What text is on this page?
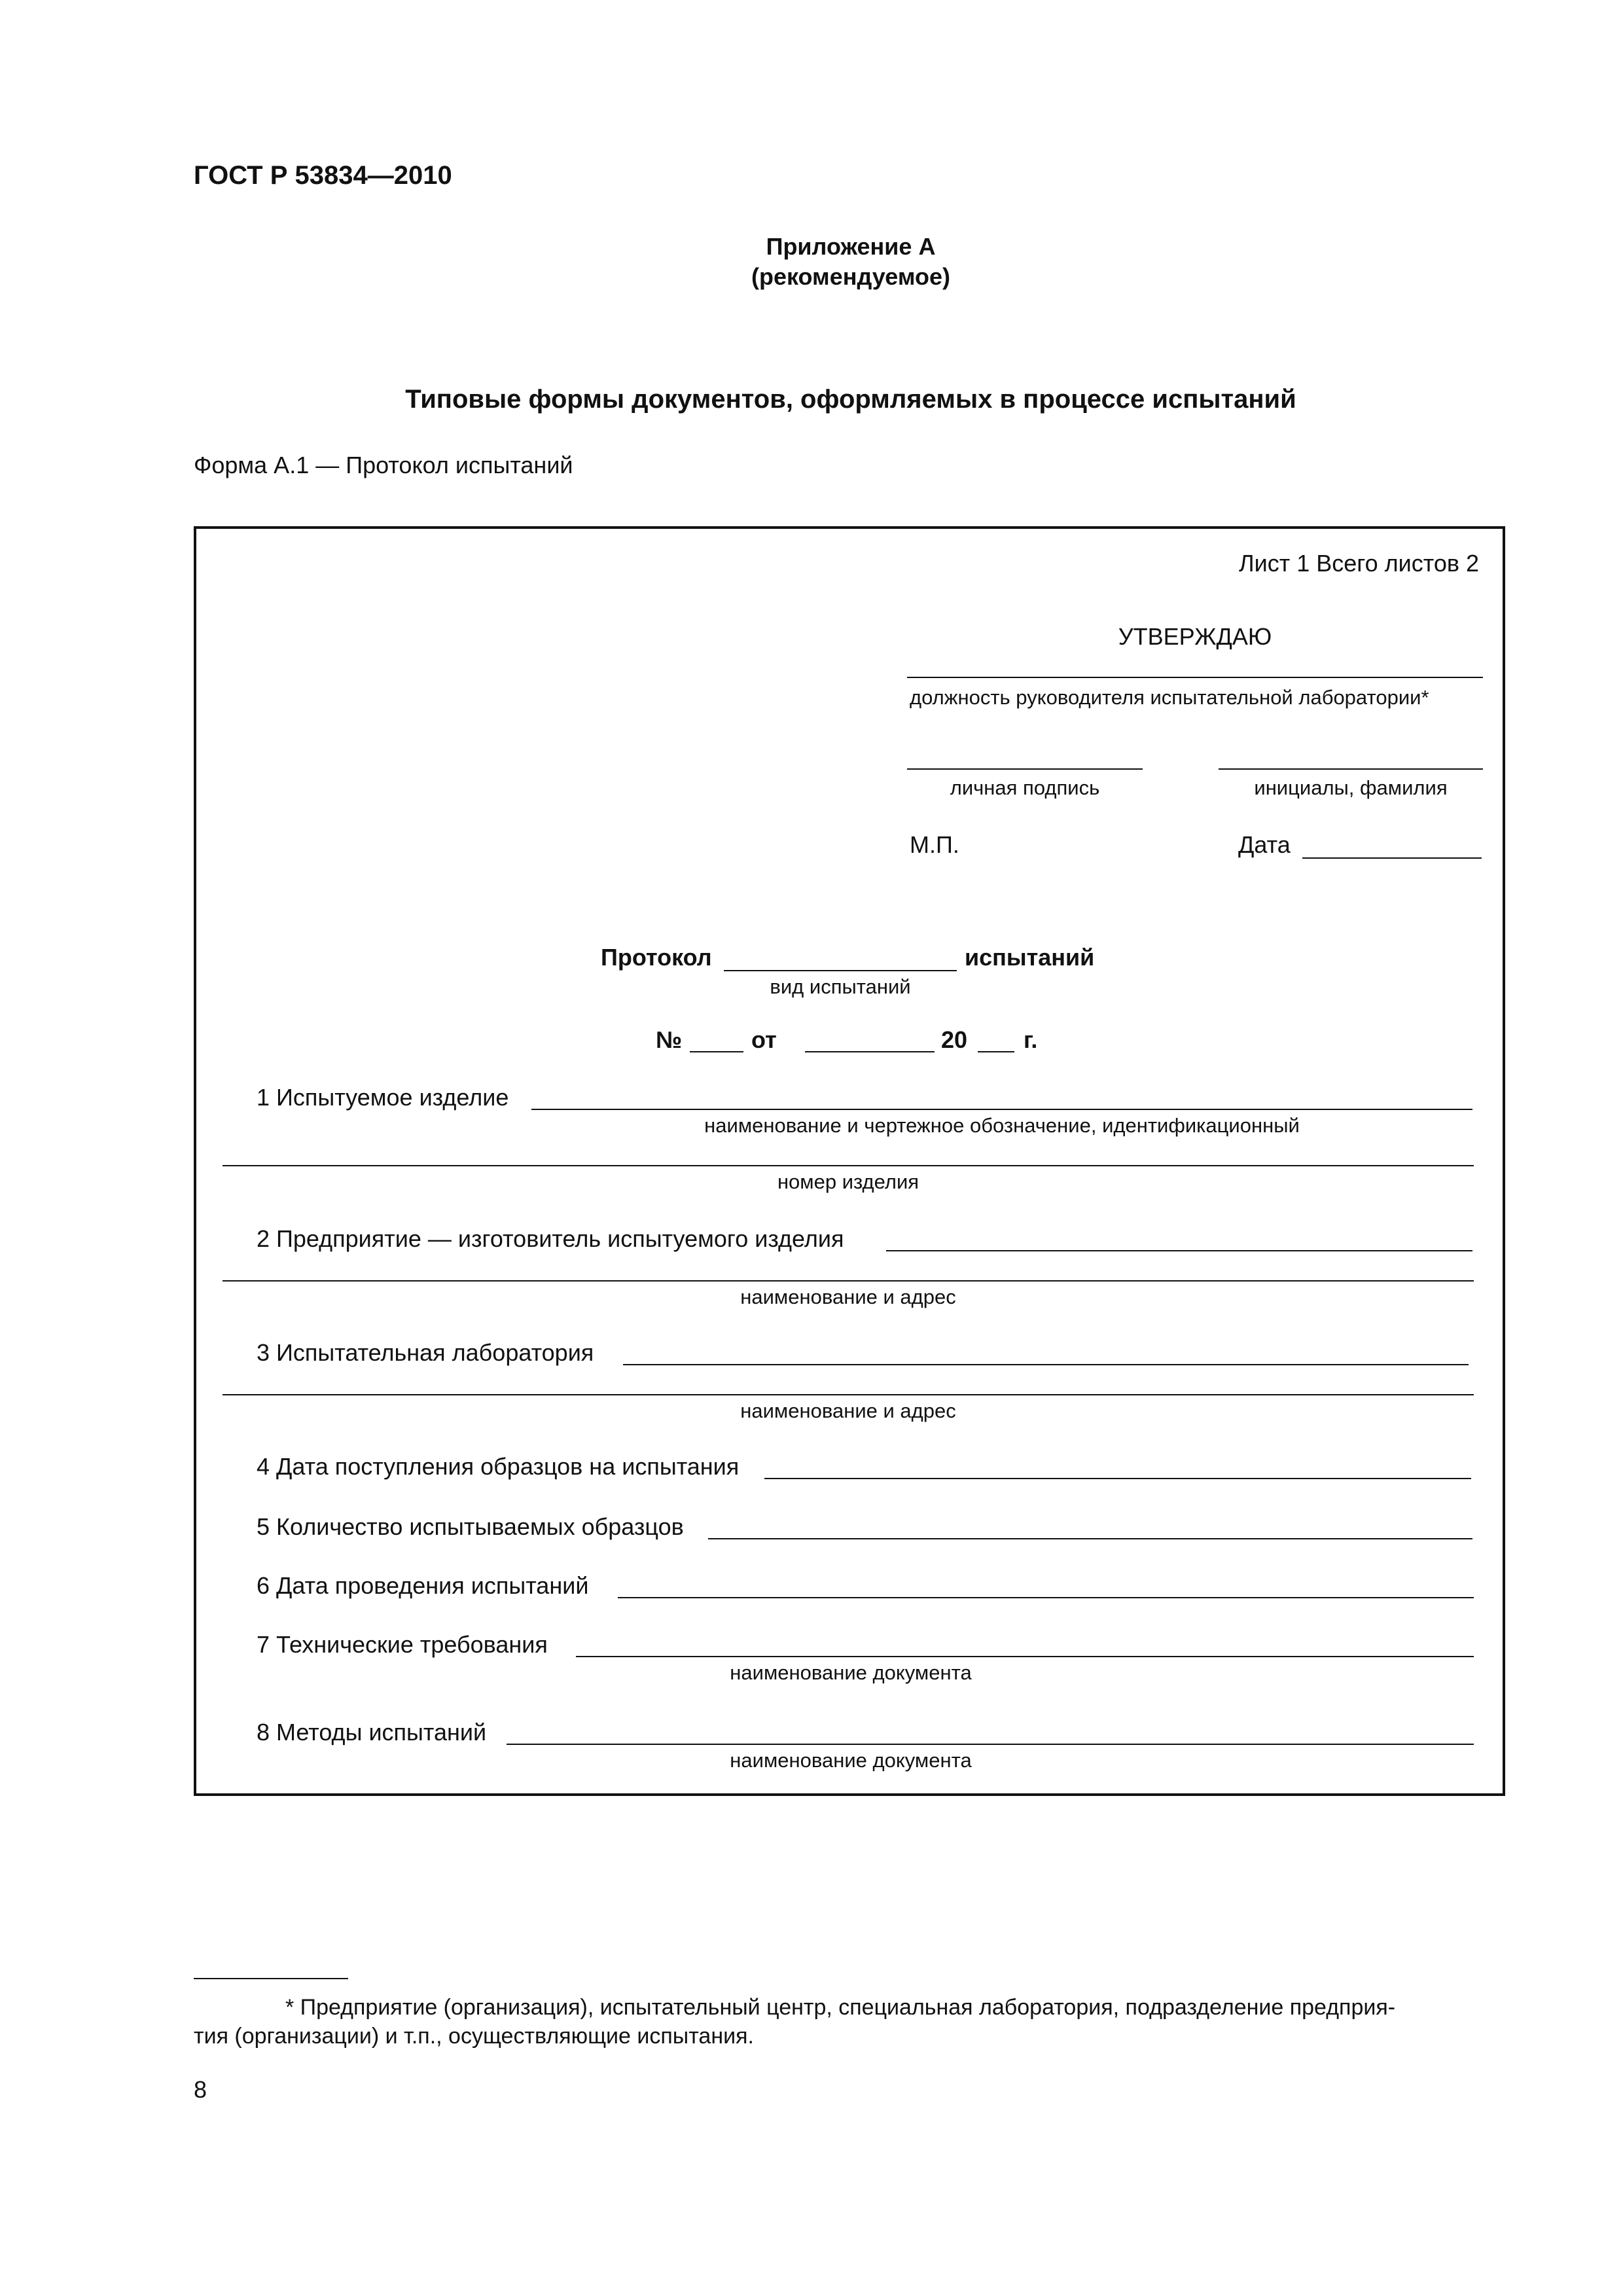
ГОСТ Р 53834—2010
Приложение А
(рекомендуемое)
Типовые формы документов, оформляемых в процессе испытаний
Форма А.1 — Протокол испытаний
Лист 1 Всего листов 2
УТВЕРЖДАЮ
должность руководителя испытательной лаборатории*
личная подпись	инициалы, фамилия
М.П.	Дата
Протокол	испытаний
вид испытаний
№	от	20 г.
1 Испытуемое изделие
наименование и чертежное обозначение, идентификационный
номер изделия
2 Предприятие — изготовитель испытуемого изделия
наименование и адрес
3 Испытательная лаборатория
наименование и адрес
4 Дата поступления образцов на испытания
5 Количество испытываемых образцов
6 Дата проведения испытаний
7 Технические требования
наименование документа
8 Методы испытаний
наименование документа
* Предприятие (организация), испытательный центр, специальная лаборатория, подразделение предприя-
тия (организации) и т.п., осуществляющие испытания.
8
